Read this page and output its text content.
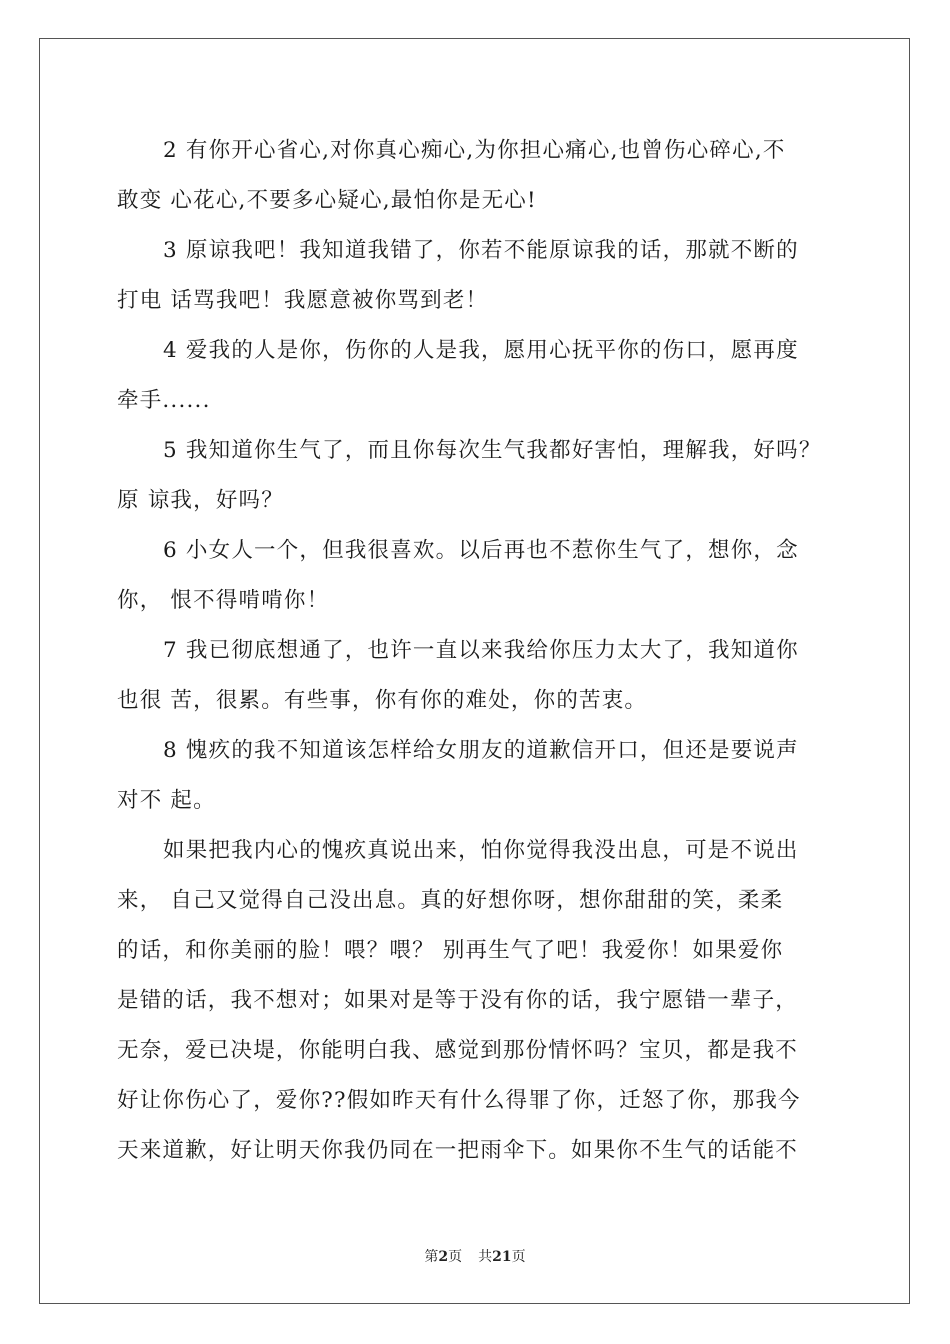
2 有你开心省心,对你真心痴心,为你担心痛心,也曾伤心碎心,不
敢变 心花心,不要多心疑心,最怕你是无心!
3 原谅我吧！我知道我错了，你若不能原谅我的话，那就不断的
打电 话骂我吧！我愿意被你骂到老！
4 爱我的人是你，伤你的人是我，愿用心抚平你的伤口，愿再度
牵手......
5 我知道你生气了，而且你每次生气我都好害怕，理解我，好吗？
原 谅我，好吗？
6 小女人一个，但我很喜欢。以后再也不惹你生气了，想你，念
你， 恨不得啃啃你！
7 我已彻底想通了，也许一直以来我给你压力太大了，我知道你
也很 苦，很累。有些事，你有你的难处，你的苦衷。
8 愧疚的我不知道该怎样给女朋友的道歉信开口，但还是要说声
对不 起。
如果把我内心的愧疚真说出来，怕你觉得我没出息，可是不说出
来， 自己又觉得自己没出息。真的好想你呀，想你甜甜的笑，柔柔
的话，和你美丽的脸！喂？喂？ 别再生气了吧！我爱你！如果爱你
是错的话，我不想对；如果对是等于没有你的话，我宁愿错一辈子，
无奈，爱已决堤，你能明白我、感觉到那份情怀吗？宝贝，都是我不
好让你伤心了，爱你??假如昨天有什么得罪了你，迁怒了你，那我今
天来道歉，好让明天你我仍同在一把雨伞下。如果你不生气的话能不
第2页 共21页
